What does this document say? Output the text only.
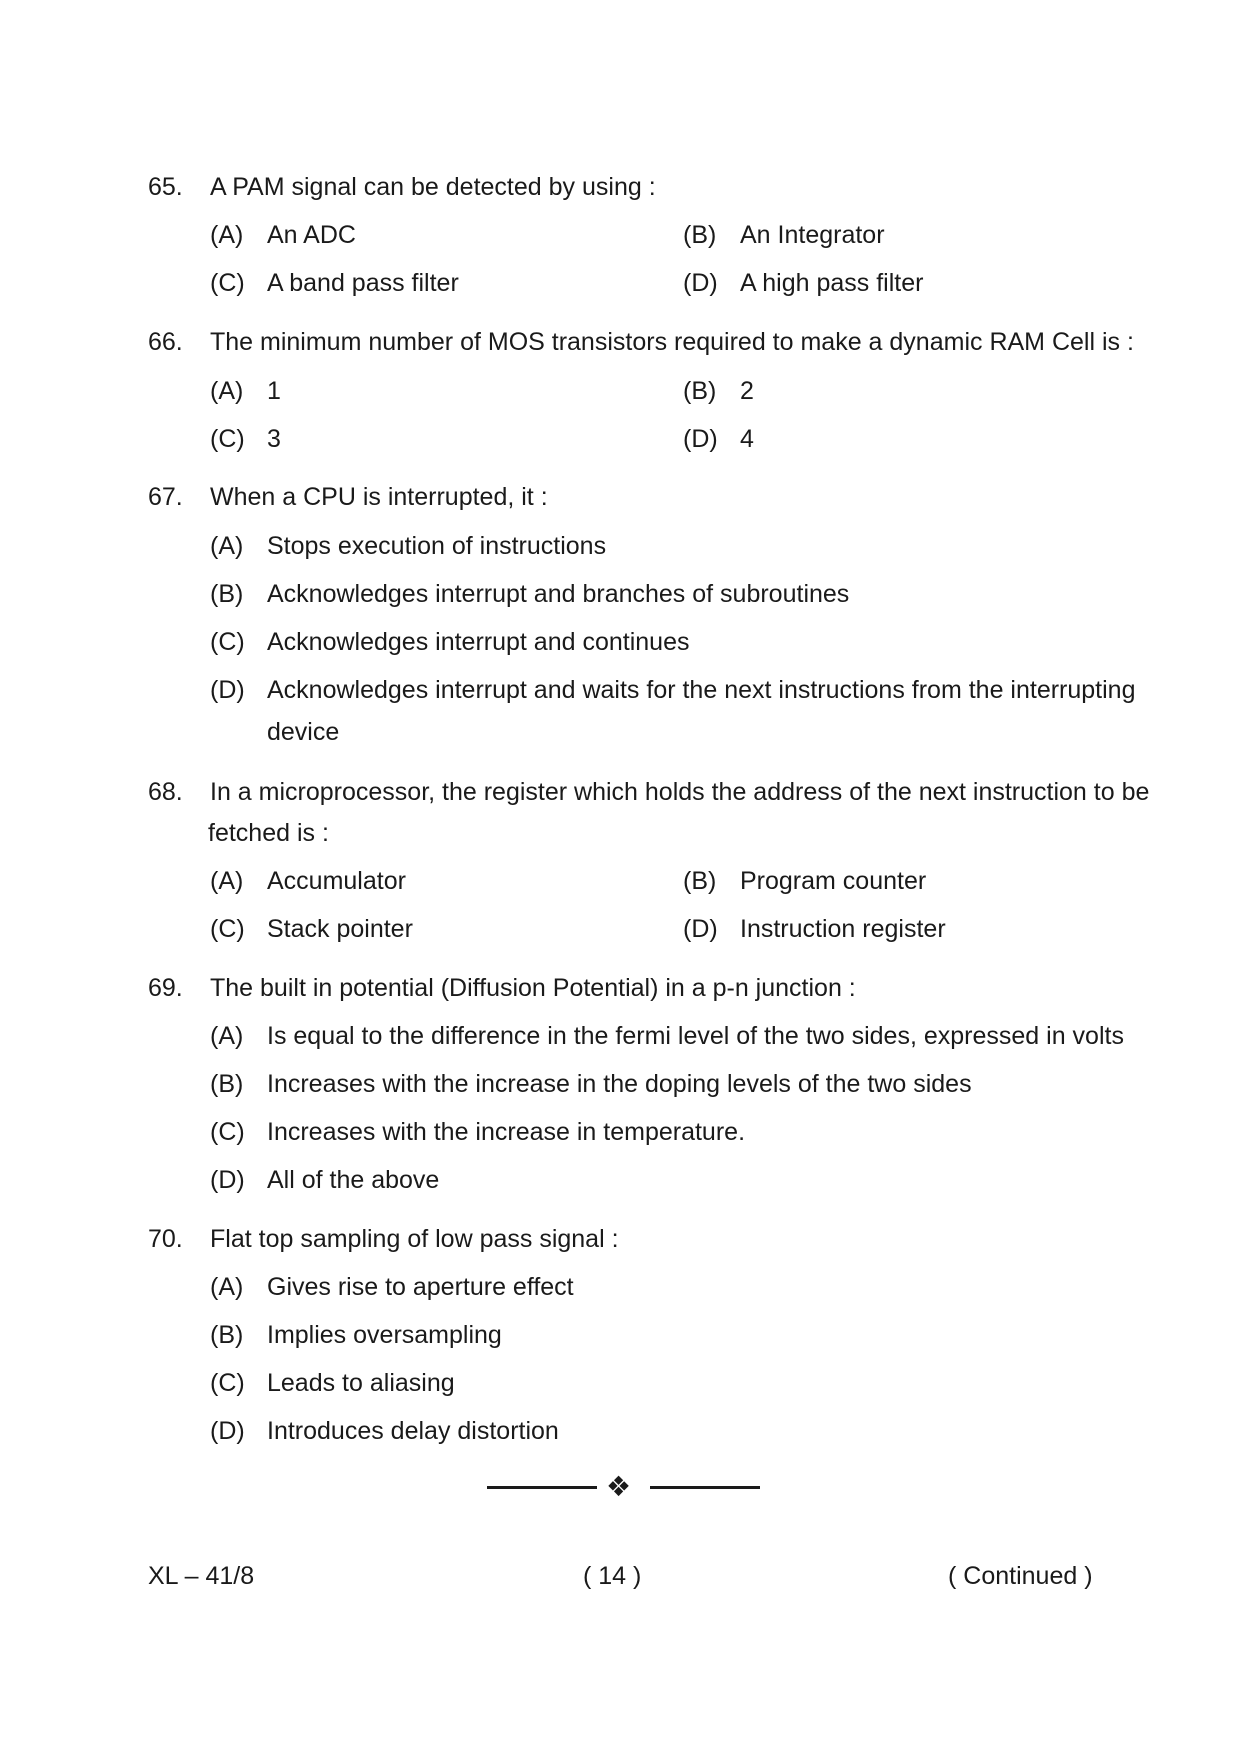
65. A PAM signal can be detected by using :
(A) An ADC	(B) An Integrator
(C) A band pass filter	(D) A high pass filter
66. The minimum number of MOS transistors required to make a dynamic RAM Cell is :
(A) 1	(B) 2
(C) 3	(D) 4
67. When a CPU is interrupted, it :
(A) Stops execution of instructions
(B) Acknowledges interrupt and branches of subroutines
(C) Acknowledges interrupt and continues
(D) Acknowledges interrupt and waits for the next instructions from the interrupting
device
68. In a microprocessor, the register which holds the address of the next instruction to be
fetched is :
(A) Accumulator	(B) Program counter
(C) Stack pointer	(D) Instruction register
69. The built in potential (Diffusion Potential) in a p-n junction :
(A) Is equal to the difference in the fermi level of the two sides, expressed in volts
(B) Increases with the increase in the doping levels of the two sides
(C) Increases with the increase in temperature.
(D) All of the above
70. Flat top sampling of low pass signal :
(A) Gives rise to aperture effect
(B) Implies oversampling
(C) Leads to aliasing
(D) Introduces delay distortion
❖
XL – 41/8	( 14 )	( Continued )
